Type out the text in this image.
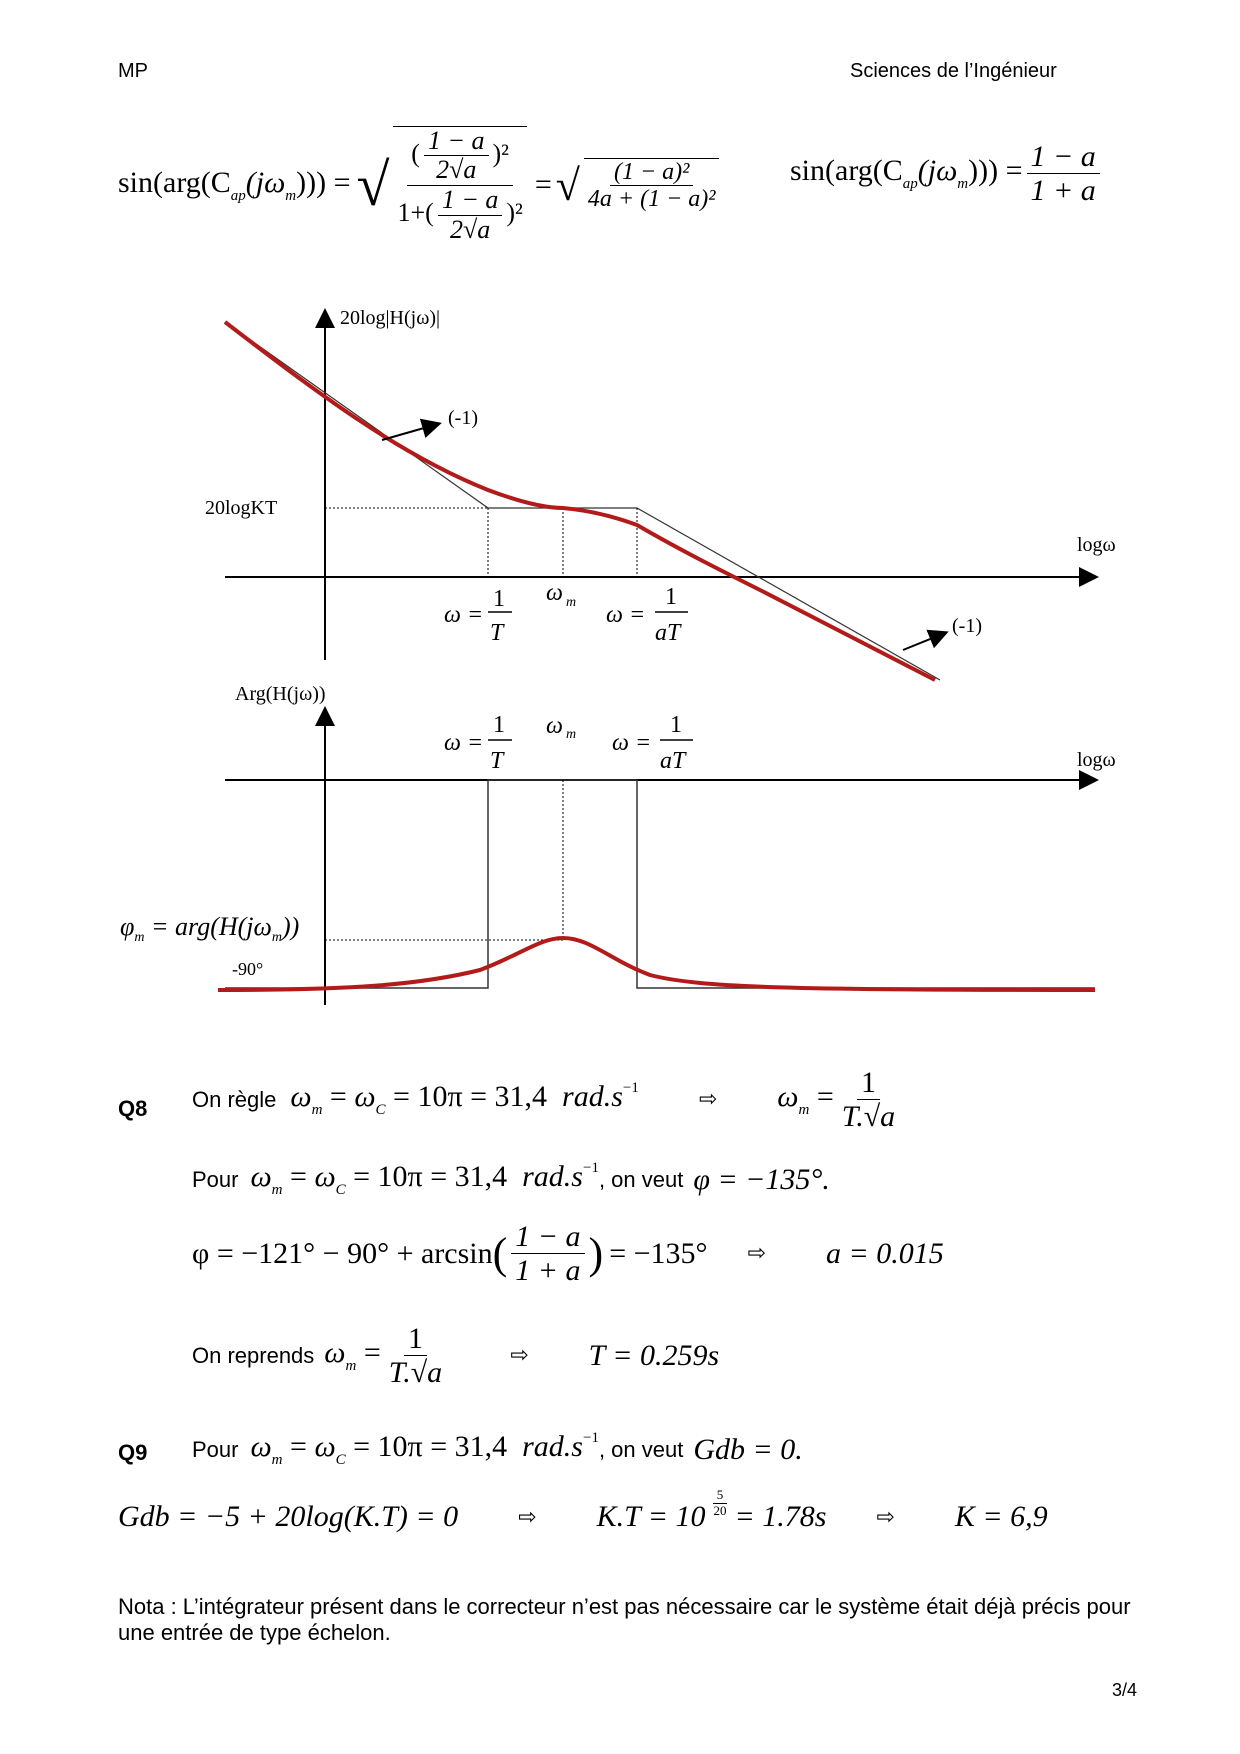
MP	Sciences de l’Ingénieur
$\sin(arg(C_{ap}(j\omega_m)))$ = √ $\frac{( \frac{1 - a}{2√a} )^2}{1+( \frac{1 - a}{2√a} )^2}$ = √ $\frac{\text{(1 − a)²}}{\text{4a + (1 − a)²}} \sin(arg(C_{ap}(j\omega_m))) = \frac{1 - a}{1 + a}$
20log|H(jω)|
logω
20logKT
(-1)
(-1)
ω =
1
T
ω m ω =
1
aT
Arg(H(jω))
logω
ω =
1
T
ω m ω =
1
aT
$\varphi_m = arg(H(j\omega_m))$
-90°
Q8 On règle $\omega_m = \omega_C = 10\pi = 31,4$ $rad.s^{-1}$	⇨ $\omega_m = \frac{1}{T.√a}$
Pour $\omega_m = \omega_C = 10\pi = 31,4$ $rad.s^{-1}$ , on veut φ = −135°.
φ = −121° − 90° + arcsin ( $\frac{1 - a}{1 + a}$ ) = −135° ⇨ a = 0.015
On reprends $\omega_m = \frac{1}{T.√a}$	⇨ T = 0.259s
Q9 Pour $\omega_m = \omega_C = 10\pi = 31,4$ $rad.s^{-1}$ , on veut Gdb = 0.
Gdb = −5 + 20log(K.T) = 0	⇨ $K.T = 10 \frac{5}{20} = 1.78s$ ⇨ K = 6,9
Nota : L’intégrateur présent dans le correcteur n’est pas nécessaire car le système était déjà précis pour une entrée de type échelon.
3/4
